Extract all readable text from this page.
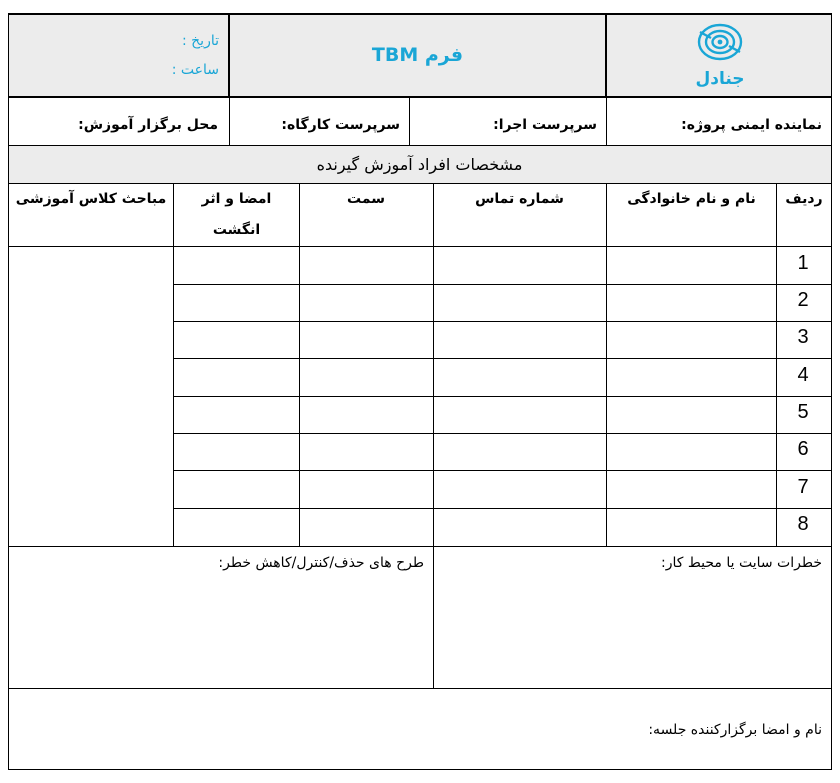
تاریخ :
ساعت :
فرم TBM
جنادل
نماینده ایمنی پروژه:
سرپرست اجرا:
سرپرست کارگاه:
محل برگزار آموزش:
مشخصات افراد آموزش گیرنده
ردیف
نام و نام خانوادگی
شماره تماس
سمت
امضا و اثر
انگشت
مباحث کلاس آموزشی
1
2
3
4
5
6
7
8
خطرات سایت یا محیط کار:
طرح های حذف/کنترل/کاهش خطر:
نام و امضا برگزارکننده جلسه:
